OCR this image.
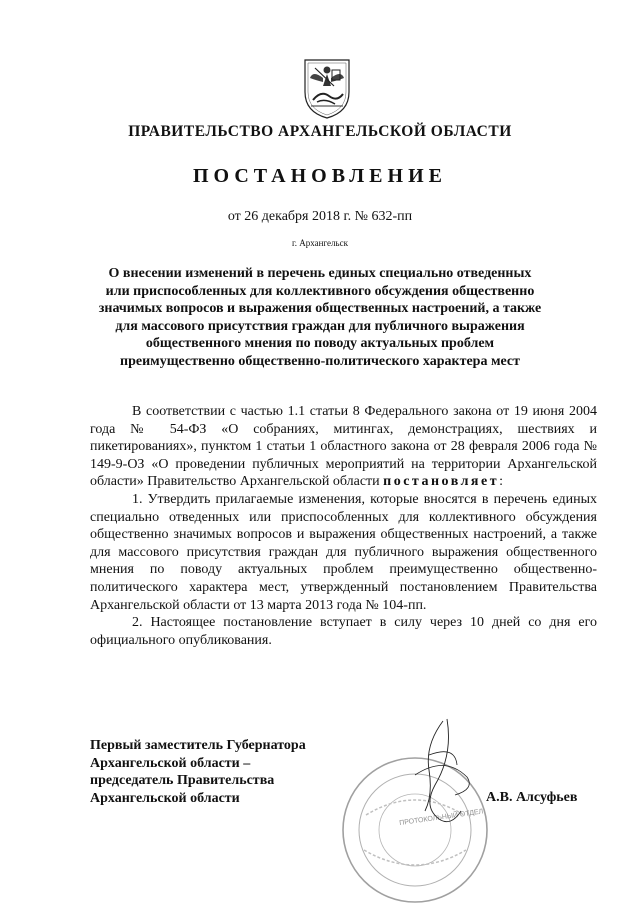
ПРАВИТЕЛЬСТВО АРХАНГЕЛЬСКОЙ ОБЛАСТИ
ПОСТАНОВЛЕНИЕ
от 26 декабря 2018 г. № 632-пп
г. Архангельск
О внесении изменений в перечень единых специально отведенных
или приспособленных для коллективного обсуждения общественно
значимых вопросов и выражения общественных настроений, а также
для массового присутствия граждан для публичного выражения
общественного мнения по поводу актуальных проблем
преимущественно общественно-политического характера мест

В соответствии с частью 1.1 статьи 8 Федерального закона от 19 июня 2004 года № 54-ФЗ «О собраниях, митингах, демонстрациях, шествиях и пикетированиях», пунктом 1 статьи 1 областного закона от 28 февраля 2006 года № 149-9-ОЗ «О проведении публичных мероприятий на территории Архангельской области» Правительство Архангельской области постановляет:

1. Утвердить прилагаемые изменения, которые вносятся в перечень единых специально отведенных или приспособленных для коллективного обсуждения общественно значимых вопросов и выражения общественных настроений, а также для массового присутствия граждан для публичного выражения общественного мнения по поводу актуальных проблем преимущественно общественно-политического характера мест, утвержденный постановлением Правительства Архангельской области от 13 марта 2013 года № 104-пп.

2. Настоящее постановление вступает в силу через 10 дней со дня его официального опубликования.

Первый заместитель Губернатора
Архангельской области –
председатель Правительства
Архангельской области
ПРОТОКОЛЬНЫЙ ОТДЕЛ
А.В. Алсуфьев
